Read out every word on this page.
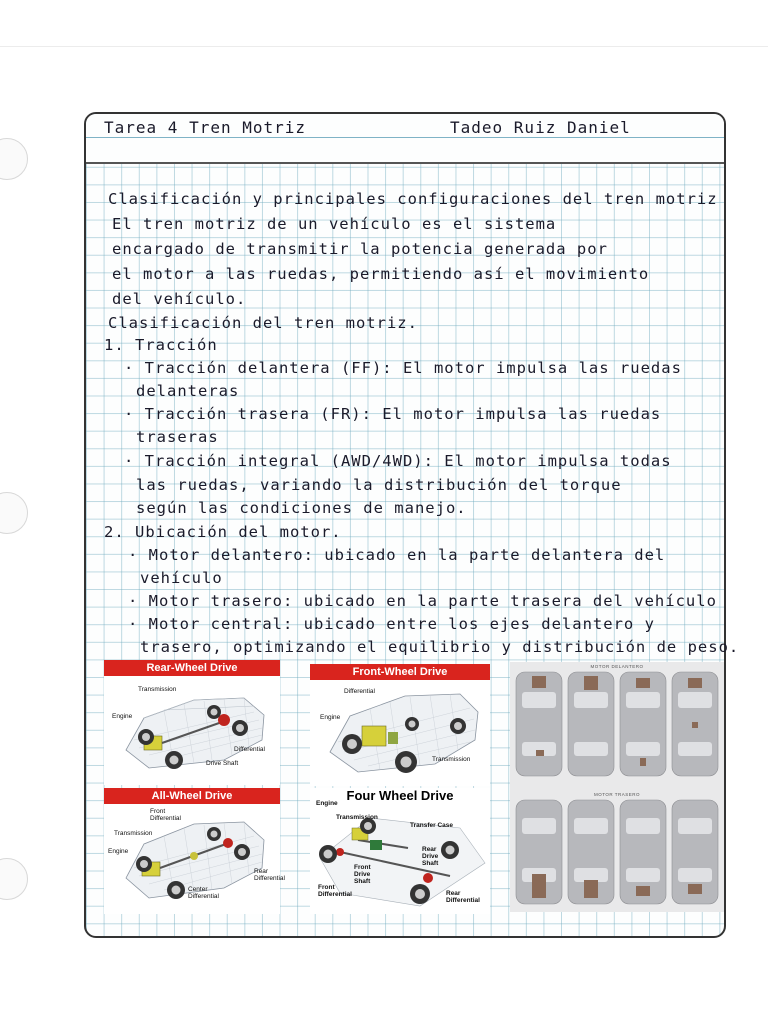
Tarea 4 Tren Motriz	Tadeo Ruiz Daniel
Clasificación y principales configuraciones del tren motriz
El tren motriz de un vehículo es el sistema
encargado de transmitir la potencia generada por
el motor a las ruedas, permitiendo así el movimiento
del vehículo.
Clasificación del tren motriz.
1. Tracción
· Tracción delantera (FF): El motor impulsa las ruedas
delanteras
· Tracción trasera (FR): El motor impulsa las ruedas
traseras
· Tracción integral (AWD/4WD): El motor impulsa todas
las ruedas, variando la distribución del torque
según las condiciones de manejo.
2. Ubicación del motor.
· Motor delantero: ubicado en la parte delantera del
vehículo
· Motor trasero: ubicado en la parte trasera del vehículo
· Motor central: ubicado entre los ejes delantero y
trasero, optimizando el equilibrio y distribución de peso.
Rear-Wheel Drive
Transmission
Engine
Drive Shaft
Differential
Front-Wheel Drive
Differential
Engine
Transmission
All-Wheel Drive
Front Differential
Transmission
Engine
Center Differential
Rear Differential
Four Wheel Drive
Engine
Transmission
Transfer Case
Rear Drive Shaft
Front Drive Shaft
Front Differential	Rear Differential
MOTOR DELANTERO
MOTOR TRASERO
